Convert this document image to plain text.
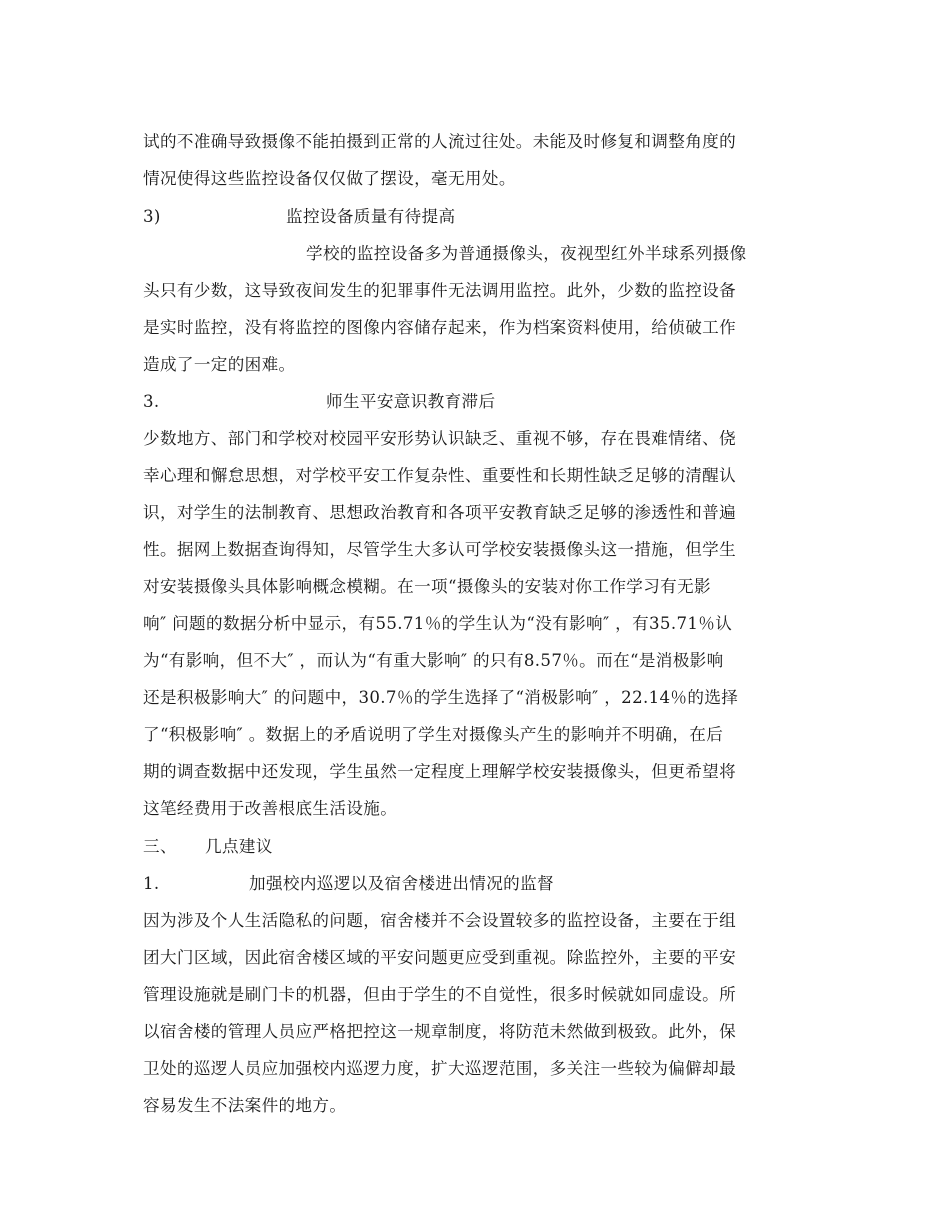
试的不准确导致摄像不能拍摄到正常的人流过往处。未能及时修复和调整角度的
情况使得这些监控设备仅仅做了摆设，毫无用处。
3)	监控设备质量有待提高
学校的监控设备多为普通摄像头，夜视型红外半球系列摄像
头只有少数，这导致夜间发生的犯罪事件无法调用监控。此外，少数的监控设备
是实时监控，没有将监控的图像内容储存起来，作为档案资料使用，给侦破工作
造成了一定的困难。
3.	师生平安意识教育滞后
少数地方、部门和学校对校园平安形势认识缺乏、重视不够，存在畏难情绪、侥
幸心理和懈怠思想，对学校平安工作复杂性、重要性和长期性缺乏足够的清醒认
识，对学生的法制教育、思想政治教育和各项平安教育缺乏足够的渗透性和普遍
性。据网上数据查询得知，尽管学生大多认可学校安装摄像头这一措施，但学生
对安装摄像头具体影响概念模糊。在一项“摄像头的安装对你工作学习有无影
响″ 问题的数据分析中显示，有55.71％的学生认为“没有影响″ ，有35.71％认
为“有影响，但不大″ ，而认为“有重大影响″ 的只有8.57％。而在“是消极影响
还是积极影响大″ 的问题中，30.7％的学生选择了“消极影响″ ，22.14％的选择
了“积极影响″ 。数据上的矛盾说明了学生对摄像头产生的影响并不明确，在后
期的调查数据中还发现，学生虽然一定程度上理解学校安装摄像头，但更希望将
这笔经费用于改善根底生活设施。
三、 几点建议
1.	加强校内巡逻以及宿舍楼进出情况的监督
因为涉及个人生活隐私的问题，宿舍楼并不会设置较多的监控设备，主要在于组
团大门区域，因此宿舍楼区域的平安问题更应受到重视。除监控外，主要的平安
管理设施就是刷门卡的机器，但由于学生的不自觉性，很多时候就如同虚设。所
以宿舍楼的管理人员应严格把控这一规章制度，将防范未然做到极致。此外，保
卫处的巡逻人员应加强校内巡逻力度，扩大巡逻范围，多关注一些较为偏僻却最
容易发生不法案件的地方。
